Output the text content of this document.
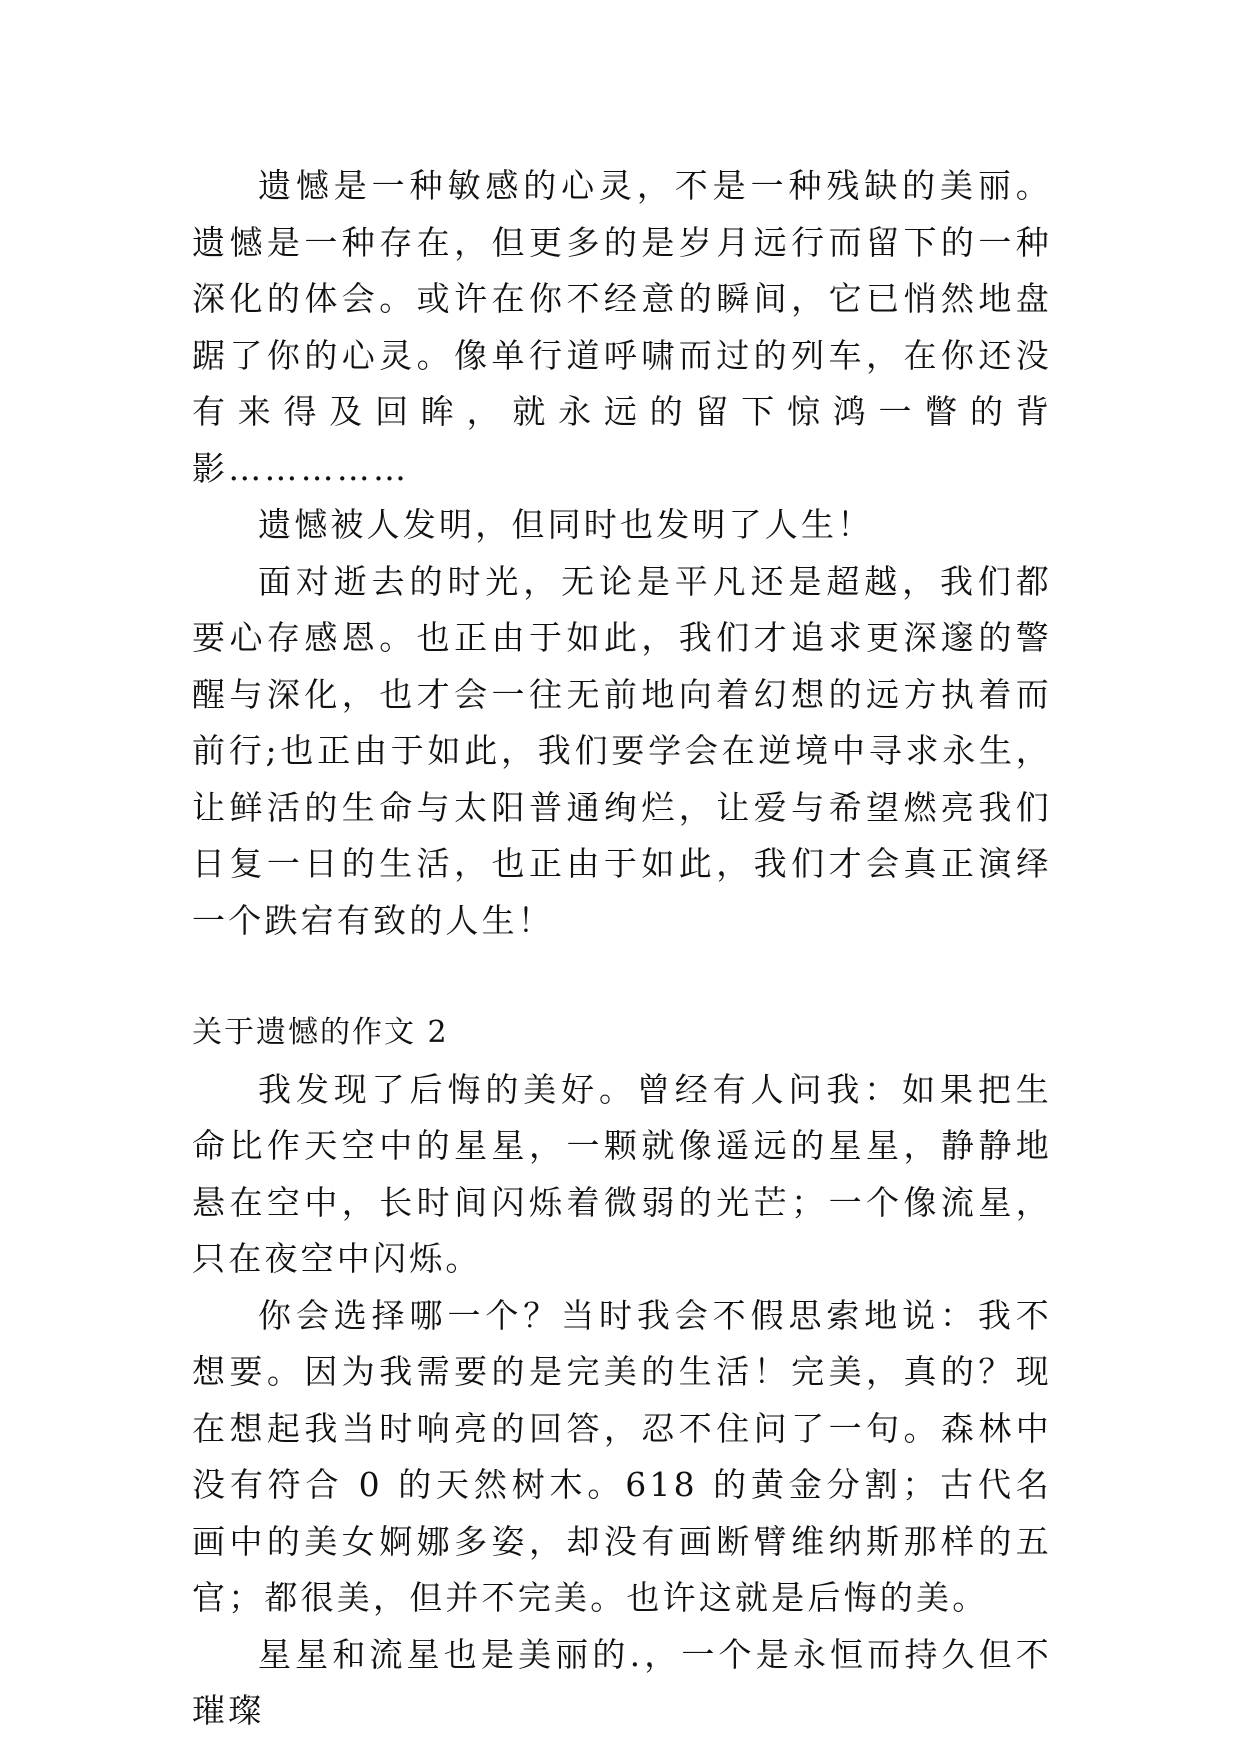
遗憾是一种敏感的心灵，不是一种残缺的美丽。遗憾是一种存在，但更多的是岁月远行而留下的一种深化的体会。或许在你不经意的瞬间，它已悄然地盘踞了你的心灵。像单行道呼啸而过的列车，在你还没有来得及回眸，就永远的留下惊鸿一瞥的背影……………

遗憾被人发明，但同时也发明了人生！

面对逝去的时光，无论是平凡还是超越，我们都要心存感恩。也正由于如此，我们才追求更深邃的警醒与深化，也才会一往无前地向着幻想的远方执着而前行;也正由于如此，我们要学会在逆境中寻求永生，让鲜活的生命与太阳普通绚烂，让爱与希望燃亮我们日复一日的生活，也正由于如此，我们才会真正演绎一个跌宕有致的人生！

关于遗憾的作文 2

我发现了后悔的美好。曾经有人问我：如果把生命比作天空中的星星，一颗就像遥远的星星，静静地悬在空中，长时间闪烁着微弱的光芒；一个像流星，只在夜空中闪烁。

你会选择哪一个？当时我会不假思索地说：我不想要。因为我需要的是完美的生活！完美，真的？现在想起我当时响亮的回答，忍不住问了一句。森林中没有符合 0 的天然树木。618 的黄金分割；古代名画中的美女婀娜多姿，却没有画断臂维纳斯那样的五官；都很美，但并不完美。也许这就是后悔的美。

星星和流星也是美丽的.，一个是永恒而持久但不璀璨
